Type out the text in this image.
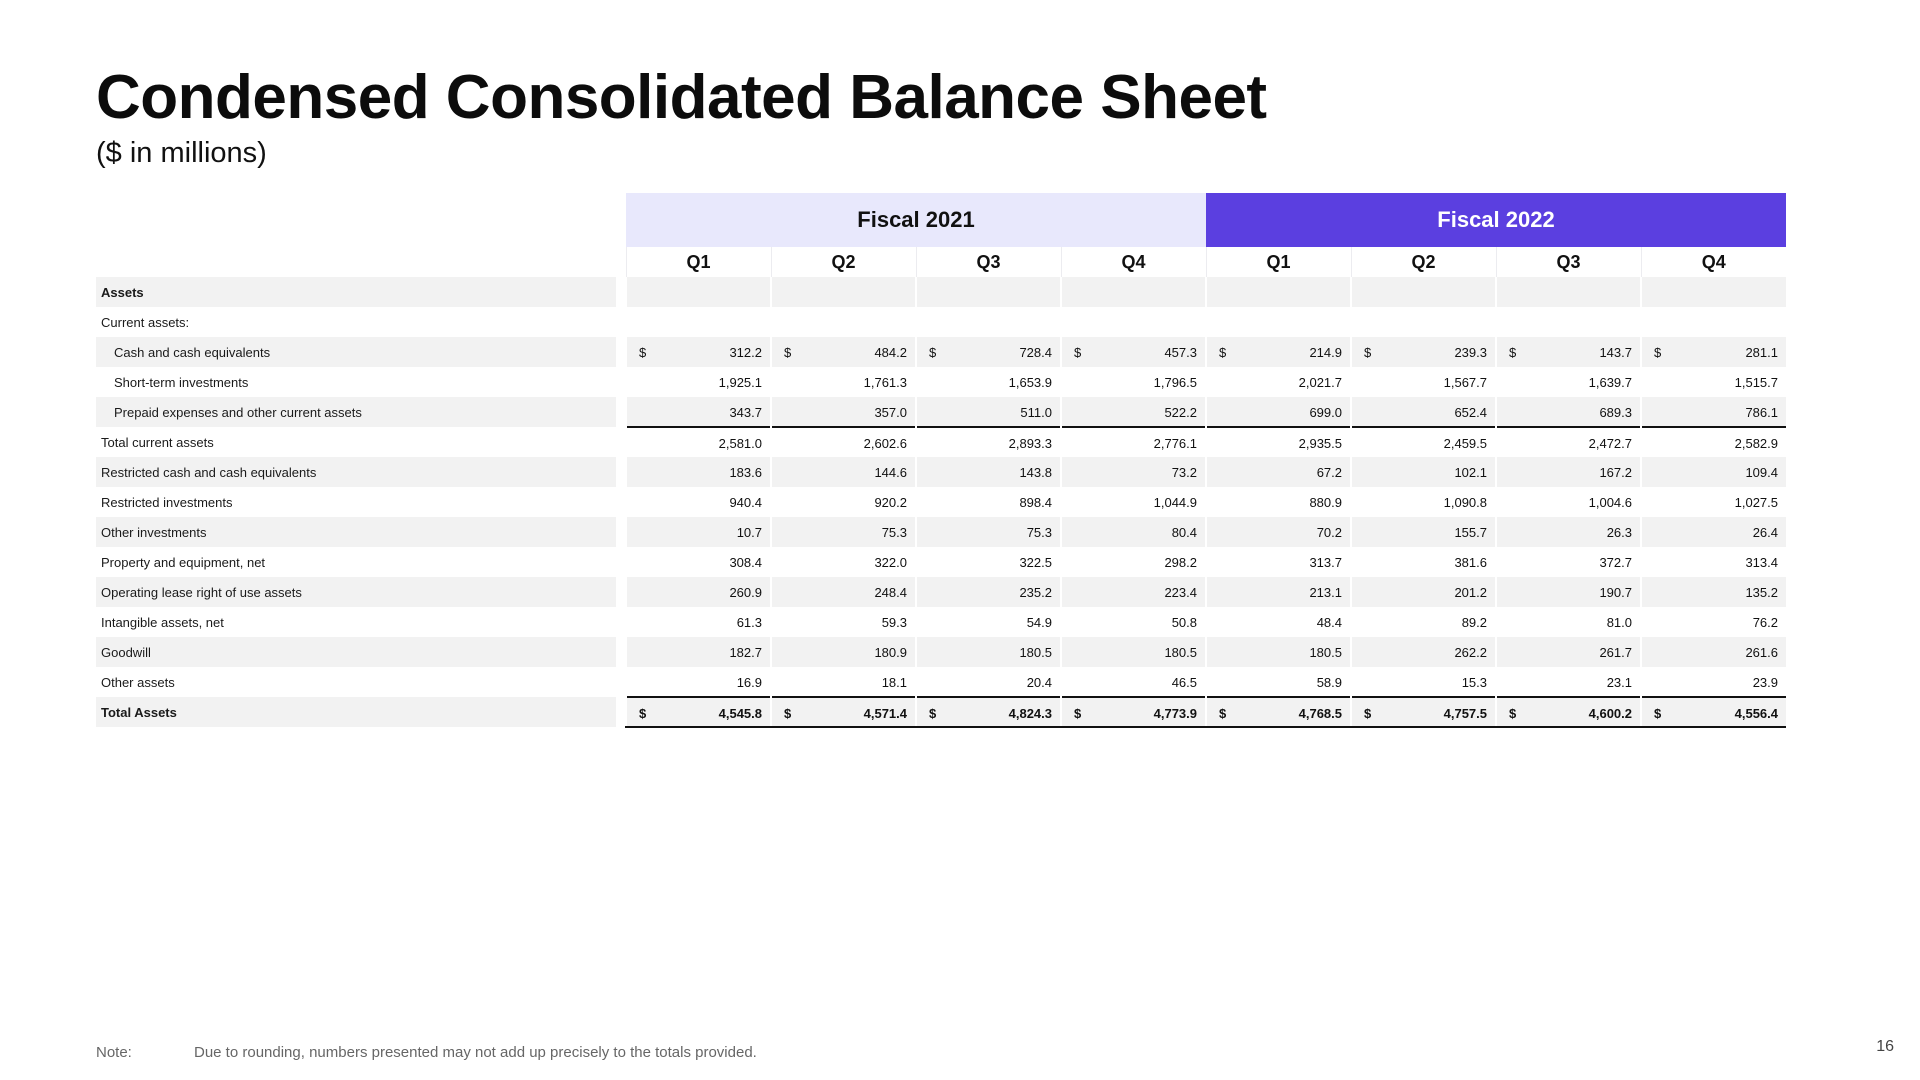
Condensed Consolidated Balance Sheet
($ in millions)
		Fiscal 2021				Fiscal 2022			
		Q1	Q2	Q3	Q4	Q1	Q2	Q3	Q4
Assets		

Current assets:		

Cash and cash equivalents		$ 312.2	$ 484.2	$ 728.4	$ 457.3	$ 214.9	$ 239.3	$ 143.7	$ 281.1

Short-term investments		1,925.1	1,761.3	1,653.9	1,796.5	2,021.7	1,567.7	1,639.7	1,515.7

Prepaid expenses and other current assets		343.7	357.0	511.0	522.2	699.0	652.4	689.3	786.1

Total current assets		2,581.0	2,602.6	2,893.3	2,776.1	2,935.5	2,459.5	2,472.7	2,582.9

Restricted cash and cash equivalents		183.6	144.6	143.8	73.2	67.2	102.1	167.2	109.4

Restricted investments		940.4	920.2	898.4	1,044.9	880.9	1,090.8	1,004.6	1,027.5

Other investments		10.7	75.3	75.3	80.4	70.2	155.7	26.3	26.4

Property and equipment, net		308.4	322.0	322.5	298.2	313.7	381.6	372.7	313.4

Operating lease right of use assets		260.9	248.4	235.2	223.4	213.1	201.2	190.7	135.2

Intangible assets, net		61.3	59.3	54.9	50.8	48.4	89.2	81.0	76.2

Goodwill		182.7	180.9	180.5	180.5	180.5	262.2	261.7	261.6

Other assets		16.9	18.1	20.4	46.5	58.9	15.3	23.1	23.9

Total Assets		$ 4,545.8	$ 4,571.4	$ 4,824.3	$ 4,773.9	$ 4,768.5	$ 4,757.5	$ 4,600.2	$ 4,556.4
Note:	Due to rounding, numbers presented may not add up precisely to the totals provided.	16
